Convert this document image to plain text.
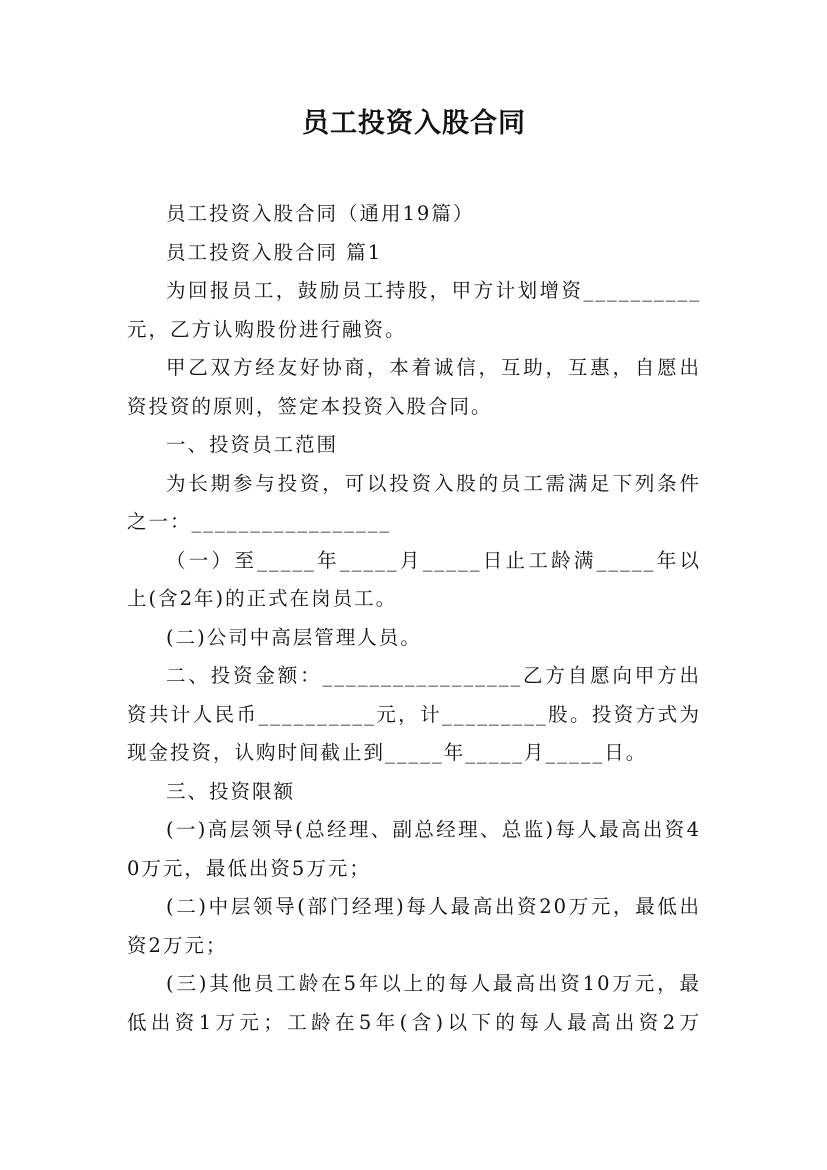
员工投资入股合同

员工投资入股合同（通用19篇）

员工投资入股合同 篇1

为回报员工，鼓励员工持股，甲方计划增资__________元，乙方认购股份进行融资。

甲乙双方经友好协商，本着诚信，互助，互惠，自愿出资投资的原则，签定本投资入股合同。

一、投资员工范围

为长期参与投资，可以投资入股的员工需满足下列条件之一：_________________

（一）至_____年_____月_____日止工龄满_____年以上(含2年)的正式在岗员工。

(二)公司中高层管理人员。

二、投资金额：_________________乙方自愿向甲方出资共计人民币__________元，计_________股。投资方式为现金投资，认购时间截止到_____年_____月_____日。

三、投资限额

(一)高层领导(总经理、副总经理、总监)每人最高出资40万元，最低出资5万元；

(二)中层领导(部门经理)每人最高出资20万元，最低出资2万元；

(三)其他员工龄在5年以上的每人最高出资10万元，最低出资1万元；工龄在5年(含)以下的每人最高出资2万
